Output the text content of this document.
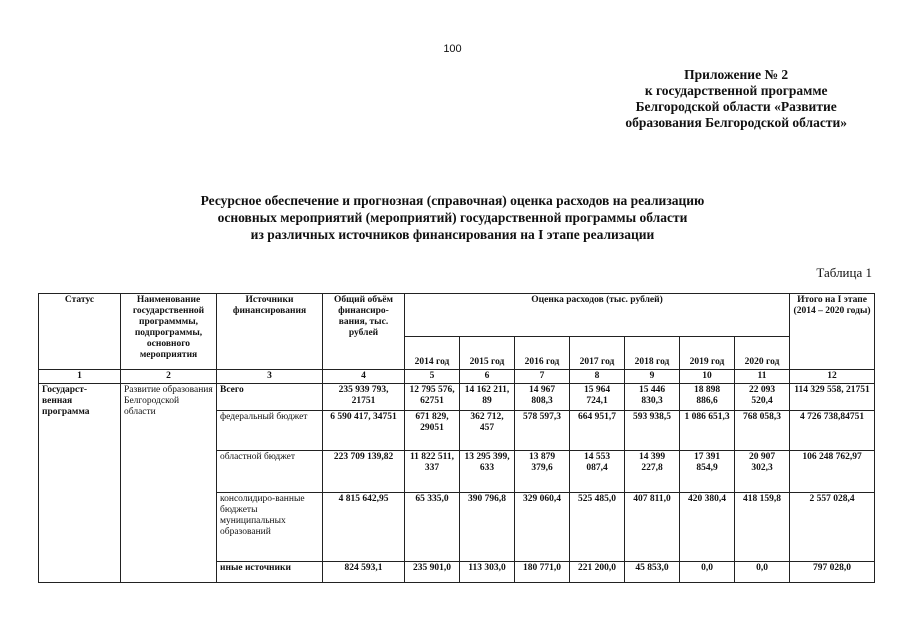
100
Приложение № 2
к государственной программе
Белгородской области «Развитие
образования Белгородской области»
Ресурсное обеспечение и прогнозная (справочная) оценка расходов на реализацию
основных мероприятий (мероприятий) государственной программы области
из различных источников финансирования на I этапе реализации
Таблица 1
Статус	Наименование государственной программмы, подпрограммы, основного мероприятия	Источники финансирования	Общий объём финансиро-вания, тыс. рублей	Оценка расходов (тыс. рублей)							Итого на I этапе (2014 – 2020 годы)
				2014 год	2015 год	2016 год	2017 год	2018 год	2019 год	2020 год	
1	2	3	4	5	6	7	8	9	10	11	12
Государст-венная программа	Развитие образования Белгородской области	Всего	235 939 793, 21751	12 795 576, 62751	14 162 211, 89	14 967 808,3	15 964 724,1	15 446 830,3	18 898 886,6	22 093 520,4	114 329 558, 21751
		федеральный бюджет	6 590 417, 34751	671 829, 29051	362 712, 457	578 597,3	664 951,7	593 938,5	1 086 651,3	768 058,3	4 726 738,84751
		областной бюджет	223 709 139,82	11 822 511, 337	13 295 399, 633	13 879 379,6	14 553 087,4	14 399 227,8	17 391 854,9	20 907 302,3	106 248 762,97
		консолидиро-ванные бюджеты муниципальных образований	4 815 642,95	65 335,0	390 796,8	329 060,4	525 485,0	407 811,0	420 380,4	418 159,8	2 557 028,4
		иные источники	824 593,1	235 901,0	113 303,0	180 771,0	221 200,0	45 853,0	0,0	0,0	797 028,0
